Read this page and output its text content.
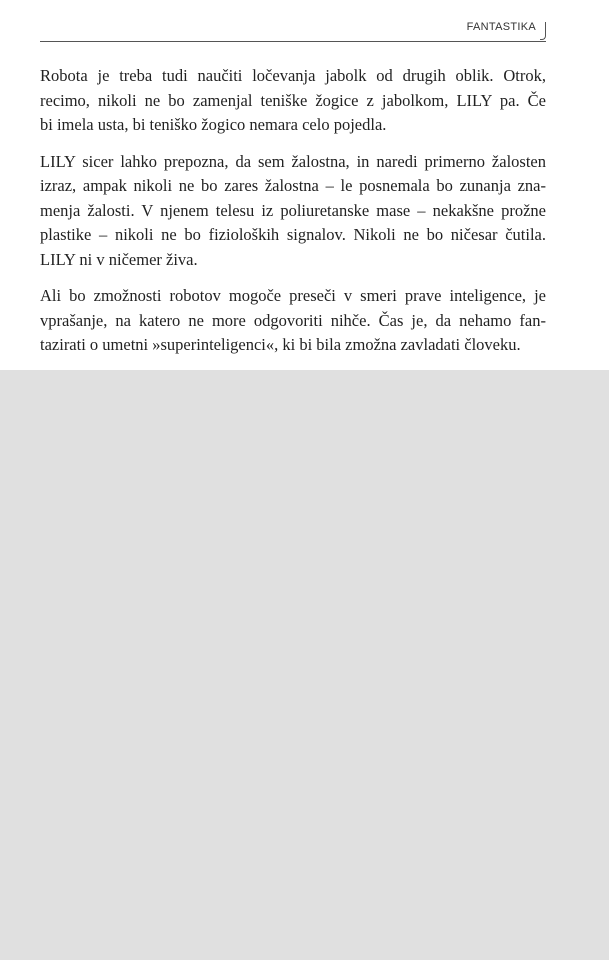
FANTASTIKA

Robota je treba tudi naučiti ločevanja jabolk od drugih oblik. Otrok,
recimo, nikoli ne bo zamenjal teniške žogice z jabolkom, LILY pa. Če
bi imela usta, bi teniško žogico nemara celo pojedla.

LILY sicer lahko prepozna, da sem žalostna, in naredi primerno žalosten
izraz, ampak nikoli ne bo zares žalostna – le posnemala bo zunanja zna-
menja žalosti. V njenem telesu iz poliuretanske mase – nekakšne prožne
plastike – nikoli ne bo fizioloških signalov. Nikoli ne bo ničesar čutila.
LILY ni v ničemer živa.

Ali bo zmožnosti robotov mogoče preseči v smeri prave inteligence, je
vprašanje, na katero ne more odgovoriti nihče. Čas je, da nehamo fan-
tazirati o umetni »superinteligenci«, ki bi bila zmožna zavladati človeku.
